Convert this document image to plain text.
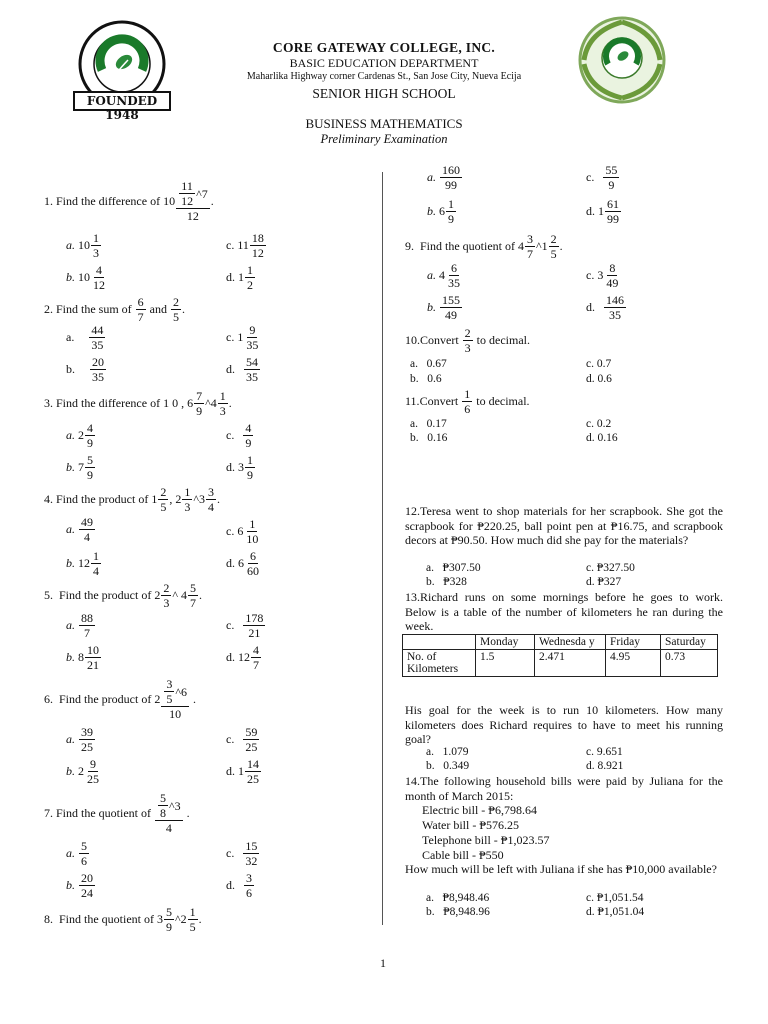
FOUNDED 1948
CORE GATEWAY COLLEGE, INC.
BASIC EDUCATION DEPARTMENT
Maharlika Highway corner Cardenas St., San Jose City, Nueva Ecija
SENIOR HIGH SCHOOL
BUSINESS MATHEMATICS
Preliminary Examination
1.
Find the difference of
$10 \frac{\frac{11}{12} \^{}7}{12}$ .
a. $10 \frac{1}{3}$	c. $11 \frac{18}{12}$
b. $10 \frac{4}{12}$	d. $1 \frac{1}{2}$
2.
Find the sum of
$\frac{6}{7}$
and
$\frac{2}{5}$ .
a. $\frac{44}{35}$	c. $1 \frac{9}{35}$
b. $\frac{20}{35}$	d. $\frac{54}{35}$
3.
Find the difference of
1 0 , $6 \frac{7}{9}$ ^4 $\frac{1}{3}$ .
a. $2 \frac{4}{9}$	c. $\frac{4}{9}$
b. $7 \frac{5}{9}$	d. $3 \frac{1}{9}$
4.
Find the product of
$1 \frac{2}{5}$ , $2 \frac{1}{3}$ ^3 $\frac{3}{4}$ .
a. $\frac{49}{4}$	c. $6 \frac{1}{10}$
b. $12 \frac{1}{4}$	d. $6 \frac{6}{60}$
5.
Find the product of
$2 \frac{2}{3}$ ^ $4 \frac{5}{7}$ .
a. $\frac{88}{7}$	c. $\frac{178}{21}$
b. $8 \frac{10}{21}$	d. $12 \frac{4}{7}$
6.
Find the product of
$2 \frac{\frac{3}{5} \^{}6}{10}$ .
a. $\frac{39}{25}$	c. $\frac{59}{25}$
b. $2 \frac{9}{25}$	d. $1 \frac{14}{25}$
7.
Find the quotient of
$\frac{\frac{5}{8} \^{}3}{4}$ .
a. $\frac{5}{6}$	c. $\frac{15}{32}$
b. $\frac{20}{24}$	d. $\frac{3}{6}$
8.
Find the quotient of
$3 \frac{5}{9}$ ^2 $\frac{1}{5}$ .
a. $\frac{160}{99}$	c. $\frac{55}{9}$
b. $6 \frac{1}{9}$	d. $1 \frac{61}{99}$
9.
Find the quotient of
$4 \frac{3}{7}$ ^1 $\frac{2}{5}$ .
a. $4 \frac{6}{35}$	c. $3 \frac{8}{49}$
b. $\frac{155}{49}$	d. $\frac{146}{35}$
10. Convert
$\frac{2}{3}$
to decimal.
a.   0.67	c. 0.7
b.   0.6	d. 0.6
11. Convert
$\frac{1}{6}$
to decimal.
a.   0.17	c. 0.2
b.   0.16	d. 0.16
12.Teresa went to shop materials for her scrapbook. She got the scrapbook for ₱220.25, ball point pen at ₱16.75, and scrapbook decors at ₱90.50. How much did she pay for the materials?
a.   ₱307.50	c. ₱327.50
b.   ₱328	d. ₱327
13.Richard runs on some mornings before he goes to work. Below is a table of the number of kilometers he ran during the week.
	Monday	Wednesda y	Friday	Saturday
No. of Kilometers	1.5	2.471	4.95	0.73
His goal for the week is to run 10 kilometers. How many kilometers does Richard requires to have to meet his running goal?
a.   1.079	c. 9.651
b.   0.349	d. 8.921
14.The following household bills were paid by Juliana for the month of March 2015:
Electric bill - ₱6,798.64
Water bill - ₱576.25
Telephone bill - ₱1,023.57
Cable bill - ₱550
How much will be left with Juliana if she has ₱10,000 available?
a.   ₱8,948.46	c. ₱1,051.54
b.   ₱8,948.96	d. ₱1,051.04
1
